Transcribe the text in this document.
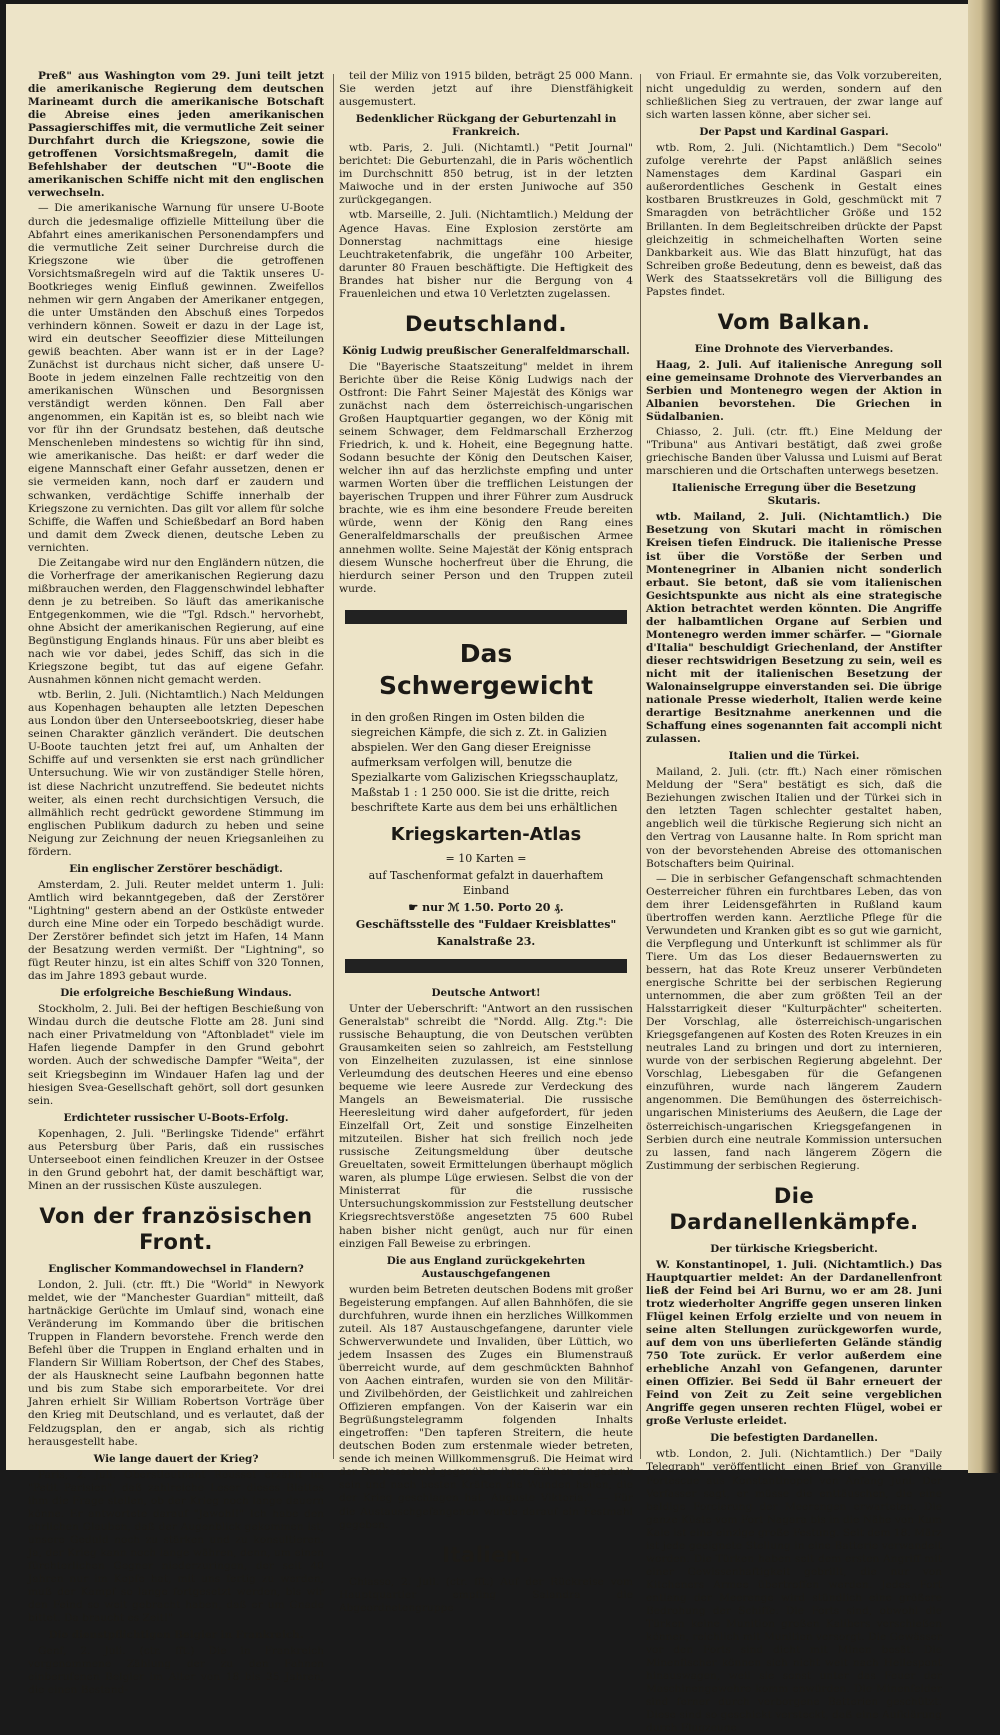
Preß" aus Washington vom 29. Juni teilt jetzt die amerikanische Regierung dem deutschen Marineamt durch die amerikanische Botschaft die Abreise eines jeden amerikanischen Passagierschiffes mit, die vermutliche Zeit seiner Durchfahrt durch die Kriegszone, sowie die getroffenen Vorsichtsmaßregeln, damit die Befehlshaber der deutschen "U"-Boote die amerikanischen Schiffe nicht mit den englischen verwechseln.

— Die amerikanische Warnung für unsere U-Boote durch die jedesmalige offizielle Mitteilung über die Abfahrt eines amerikanischen Personendampfers und die vermutliche Zeit seiner Durchreise durch die Kriegszone wie über die getroffenen Vorsichtsmaßregeln wird auf die Taktik unseres U-Bootkrieges wenig Einfluß gewinnen. Zweifellos nehmen wir gern Angaben der Amerikaner entgegen, die unter Umständen den Abschuß eines Torpedos verhindern können. Soweit er dazu in der Lage ist, wird ein deutscher Seeoffizier diese Mitteilungen gewiß beachten. Aber wann ist er in der Lage? Zunächst ist durchaus nicht sicher, daß unsere U-Boote in jedem einzelnen Falle rechtzeitig von den amerikanischen Wünschen und Besorgnissen verständigt werden können. Den Fall aber angenommen, ein Kapitän ist es, so bleibt nach wie vor für ihn der Grundsatz bestehen, daß deutsche Menschenleben mindestens so wichtig für ihn sind, wie amerikanische. Das heißt: er darf weder die eigene Mannschaft einer Gefahr aussetzen, denen er sie vermeiden kann, noch darf er zaudern und schwanken, verdächtige Schiffe innerhalb der Kriegszone zu vernichten. Das gilt vor allem für solche Schiffe, die Waffen und Schießbedarf an Bord haben und damit dem Zweck dienen, deutsche Leben zu vernichten.

Die Zeitangabe wird nur den Engländern nützen, die die Vorherfrage der amerikanischen Regierung dazu mißbrauchen werden, den Flaggenschwindel lebhafter denn je zu betreiben. So läuft das amerikanische Entgegenkommen, wie die "Tgl. Rdsch." hervorhebt, ohne Absicht der amerikanischen Regierung, auf eine Begünstigung Englands hinaus. Für uns aber bleibt es nach wie vor dabei, jedes Schiff, das sich in die Kriegszone begibt, tut das auf eigene Gefahr. Ausnahmen können nicht gemacht werden.

wtb. Berlin, 2. Juli. (Nichtamtlich.) Nach Meldungen aus Kopenhagen behaupten alle letzten Depeschen aus London über den Unterseebootskrieg, dieser habe seinen Charakter gänzlich verändert. Die deutschen U-Boote tauchten jetzt frei auf, um Anhalten der Schiffe auf und versenkten sie erst nach gründlicher Untersuchung. Wie wir von zuständiger Stelle hören, ist diese Nachricht unzutreffend. Sie bedeutet nichts weiter, als einen recht durchsichtigen Versuch, die allmählich recht gedrückt gewordene Stimmung im englischen Publikum dadurch zu heben und seine Neigung zur Zeichnung der neuen Kriegsanleihen zu fördern.

Ein englischer Zerstörer beschädigt.

Amsterdam, 2. Juli. Reuter meldet unterm 1. Juli: Amtlich wird bekanntgegeben, daß der Zerstörer "Lightning" gestern abend an der Ostküste entweder durch eine Mine oder ein Torpedo beschädigt wurde. Der Zerstörer befindet sich jetzt im Hafen, 14 Mann der Besatzung werden vermißt. Der "Lightning", so fügt Reuter hinzu, ist ein altes Schiff von 320 Tonnen, das im Jahre 1893 gebaut wurde.

Die erfolgreiche Beschießung Windaus.

Stockholm, 2. Juli. Bei der heftigen Beschießung von Windau durch die deutsche Flotte am 28. Juni sind nach einer Privatmeldung von "Aftonbladet" viele im Hafen liegende Dampfer in den Grund gebohrt worden. Auch der schwedische Dampfer "Weita", der seit Kriegsbeginn im Windauer Hafen lag und der hiesigen Svea-Gesellschaft gehört, soll dort gesunken sein.

Erdichteter russischer U-Boots-Erfolg.

Kopenhagen, 2. Juli. "Berlingske Tidende" erfährt aus Petersburg über Paris, daß ein russisches Unterseeboot einen feindlichen Kreuzer in der Ostsee in den Grund gebohrt hat, der damit beschäftigt war, Minen an der russischen Küste auszulegen.

Von der französischen Front.

Englischer Kommandowechsel in Flandern?

London, 2. Juli. (ctr. fft.) Die "World" in Newyork meldet, wie der "Manchester Guardian" mitteilt, daß hartnäckige Gerüchte im Umlauf sind, wonach eine Veränderung im Kommando über die britischen Truppen in Flandern bevorstehe. French werde den Befehl über die Truppen in England erhalten und in Flandern Sir William Robertson, der Chef des Stabes, der als Hausknecht seine Laufbahn begonnen hatte und bis zum Stabe sich emporarbeitete. Vor drei Jahren erhielt Sir William Robertson Vorträge über den Krieg mit Deutschland, und es verlautet, daß der Feldzugsplan, den er angab, sich als richtig herausgestellt habe.

Wie lange dauert der Krieg?

Paris, 2. Juli. Oberstleutnant Rousset erzählt im "Petit Parisien", daß zahlreiche Leser dieses Blattes ihm die Frage stellen, ob der Krieg noch lange dauern könne. Er antwortete darauf "Jawohl!" Ich habe den ehrlichen Glauben, daß der Augenblick gekommen ist, unsere Geduld noch zu stärken und zu konsultieren. Ja, der Krieg kann noch lange währen, denn, um einen fürchterlichen Gegner niederzuringen, der seit 40 Jahren nur im Kopfe hat, mit uns fertig zu werden, muß der Kampf so lange fortgesetzt werden, bis wir den Feind so weit gebracht haben, daß er um Gnade bittet. Da braucht es Zeit!"

Die dienstpflichtigen Belgier in Frankreich.

Genf, 2. Juli. (ctr. fft.) Die in Frankreich vorgenommene Zählung der zu den Fahnen einberufenen Belgier im Alter von 18 bis 35 Jahren, die einen Bestand-

teil der Miliz von 1915 bilden, beträgt 25 000 Mann. Sie werden jetzt auf ihre Dienstfähigkeit ausgemustert.

Bedenklicher Rückgang der Geburtenzahl in Frankreich.

wtb. Paris, 2. Juli. (Nichtamtl.) "Petit Journal" berichtet: Die Geburtenzahl, die in Paris wöchentlich im Durchschnitt 850 betrug, ist in der letzten Maiwoche und in der ersten Juniwoche auf 350 zurückgegangen.

wtb. Marseille, 2. Juli. (Nichtamtlich.) Meldung der Agence Havas. Eine Explosion zerstörte am Donnerstag nachmittags eine hiesige Leuchtraketenfabrik, die ungefähr 100 Arbeiter, darunter 80 Frauen beschäftigte. Die Heftigkeit des Brandes hat bisher nur die Bergung von 4 Frauenleichen und etwa 10 Verletzten zugelassen.

Deutschland.

König Ludwig preußischer Generalfeldmarschall.

Die "Bayerische Staatszeitung" meldet in ihrem Berichte über die Reise König Ludwigs nach der Ostfront: Die Fahrt Seiner Majestät des Königs war zunächst nach dem österreichisch-ungarischen Großen Hauptquartier gegangen, wo der König mit seinem Schwager, dem Feldmarschall Erzherzog Friedrich, k. und k. Hoheit, eine Begegnung hatte. Sodann besuchte der König den Deutschen Kaiser, welcher ihn auf das herzlichste empfing und unter warmen Worten über die trefflichen Leistungen der bayerischen Truppen und ihrer Führer zum Ausdruck brachte, wie es ihm eine besondere Freude bereiten würde, wenn der König den Rang eines Generalfeldmarschalls der preußischen Armee annehmen wollte. Seine Majestät der König entsprach diesem Wunsche hocherfreut über die Ehrung, die hierdurch seiner Person und den Truppen zuteil wurde.

Das Schwergewicht

in den großen Ringen im Osten bilden die siegreichen Kämpfe, die sich z. Zt. in Galizien abspielen. Wer den Gang dieser Ereignisse aufmerksam verfolgen will, benutze die Spezialkarte vom Galizischen Kriegsschauplatz, Maßstab 1 : 1 250 000. Sie ist die dritte, reich beschriftete Karte aus dem bei uns erhältlichen

Kriegskarten-Atlas
= 10 Karten =
auf Taschenformat gefalzt in dauerhaftem Einband
☛ nur ℳ 1.50. Porto 20 ₰.
Geschäftsstelle des "Fuldaer Kreisblattes"
Kanalstraße 23.

Deutsche Antwort!

Unter der Ueberschrift: "Antwort an den russischen Generalstab" schreibt die "Nordd. Allg. Ztg.": Die russische Behauptung, die von Deutschen verübten Grausamkeiten seien so zahlreich, am Feststellung von Einzelheiten zuzulassen, ist eine sinnlose Verleumdung des deutschen Heeres und eine ebenso bequeme wie leere Ausrede zur Verdeckung des Mangels an Beweismaterial. Die russische Heeresleitung wird daher aufgefordert, für jeden Einzelfall Ort, Zeit und sonstige Einzelheiten mitzuteilen. Bisher hat sich freilich noch jede russische Zeitungsmeldung über deutsche Greueltaten, soweit Ermittelungen überhaupt möglich waren, als plumpe Lüge erwiesen. Selbst die von der Ministerrat für die russische Untersuchungskommission zur Feststellung deutscher Kriegsrechtsverstöße angesetzten 75 600 Rubel haben bisher nicht genügt, auch nur für einen einzigen Fall Beweise zu erbringen.

Die aus England zurückgekehrten Austauschgefangenen

wurden beim Betreten deutschen Bodens mit großer Begeisterung empfangen. Auf allen Bahnhöfen, die sie durchfuhren, wurde ihnen ein herzliches Willkommen zuteil. Als 187 Austauschgefangene, darunter viele Schwerverwundete und Invaliden, über Lüttich, wo jedem Insassen des Zuges ein Blumenstrauß überreicht wurde, auf dem geschmückten Bahnhof von Aachen eintrafen, wurden sie von den Militär- und Zivilbehörden, der Geistlichkeit und zahlreichen Offizieren empfangen. Von der Kaiserin war ein Begrüßungstelegramm folgenden Inhalts eingetroffen: "Den tapferen Streitern, die heute deutschen Boden zum erstenmale wieder betreten, sende ich meinen Willkommensgruß. Die Heimat wird der Dankesschuld gegenüber ihren Söhnen eingedenk sein und nach besten Kräften die Wunden heilen, die der Krieg geschlagen hat. Auguste Viktoria." — Für die Austauschgefangenen wurde darauf ein Festmahl gegeben.

Italien.

Chiasso, 2. Juli. (ctr. fft.) Auf der Rückreise vom Hauptquartier empfing Salandra die Abgeordnetengruppe

von Friaul. Er ermahnte sie, das Volk vorzubereiten, nicht ungeduldig zu werden, sondern auf den schließlichen Sieg zu vertrauen, der zwar lange auf sich warten lassen könne, aber sicher sei.

Der Papst und Kardinal Gaspari.

wtb. Rom, 2. Juli. (Nichtamtlich.) Dem "Secolo" zufolge verehrte der Papst anläßlich seines Namenstages dem Kardinal Gaspari ein außerordentliches Geschenk in Gestalt eines kostbaren Brustkreuzes in Gold, geschmückt mit 7 Smaragden von beträchtlicher Größe und 152 Brillanten. In dem Begleitschreiben drückte der Papst gleichzeitig in schmeichelhaften Worten seine Dankbarkeit aus. Wie das Blatt hinzufügt, hat das Schreiben große Bedeutung, denn es beweist, daß das Werk des Staatssekretärs voll die Billigung des Papstes findet.

Vom Balkan.

Eine Drohnote des Vierverbandes.

Haag, 2. Juli. Auf italienische Anregung soll eine gemeinsame Drohnote des Vierverbandes an Serbien und Montenegro wegen der Aktion in Albanien bevorstehen. Die Griechen in Südalbanien.

Chiasso, 2. Juli. (ctr. fft.) Eine Meldung der "Tribuna" aus Antivari bestätigt, daß zwei große griechische Banden über Valussa und Luismi auf Berat marschieren und die Ortschaften unterwegs besetzen.

Italienische Erregung über die Besetzung Skutaris.

wtb. Mailand, 2. Juli. (Nichtamtlich.) Die Besetzung von Skutari macht in römischen Kreisen tiefen Eindruck. Die italienische Presse ist über die Vorstöße der Serben und Montenegriner in Albanien nicht sonderlich erbaut. Sie betont, daß sie vom italienischen Gesichtspunkte aus nicht als eine strategische Aktion betrachtet werden könnten. Die Angriffe der halbamtlichen Organe auf Serbien und Montenegro werden immer schärfer. — "Giornale d'Italia" beschuldigt Griechenland, der Anstifter dieser rechtswidrigen Besetzung zu sein, weil es nicht mit der italienischen Besetzung der Walonainselgruppe einverstanden sei. Die übrige nationale Presse wiederholt, Italien werde keine derartige Besitznahme anerkennen und die Schaffung eines sogenannten fait accompli nicht zulassen.

Italien und die Türkei.

Mailand, 2. Juli. (ctr. fft.) Nach einer römischen Meldung der "Sera" bestätigt es sich, daß die Beziehungen zwischen Italien und der Türkei sich in den letzten Tagen schlechter gestaltet haben, angeblich weil die türkische Regierung sich nicht an den Vertrag von Lausanne halte. In Rom spricht man von der bevorstehenden Abreise des ottomanischen Botschafters beim Quirinal.

— Die in serbischer Gefangenschaft schmachtenden Oesterreicher führen ein furchtbares Leben, das von dem ihrer Leidensgefährten in Rußland kaum übertroffen werden kann. Aerztliche Pflege für die Verwundeten und Kranken gibt es so gut wie garnicht, die Verpflegung und Unterkunft ist schlimmer als für Tiere. Um das Los dieser Bedauernswerten zu bessern, hat das Rote Kreuz unserer Verbündeten energische Schritte bei der serbischen Regierung unternommen, die aber zum größten Teil an der Halsstarrigkeit dieser "Kulturpächter" scheiterten. Der Vorschlag, alle österreichisch-ungarischen Kriegsgefangenen auf Kosten des Roten Kreuzes in ein neutrales Land zu bringen und dort zu internieren, wurde von der serbischen Regierung abgelehnt. Der Vorschlag, Liebesgaben für die Gefangenen einzuführen, wurde nach längerem Zaudern angenommen. Die Bemühungen des österreichisch-ungarischen Ministeriums des Aeußern, die Lage der österreichisch-ungarischen Kriegsgefangenen in Serbien durch eine neutrale Kommission untersuchen zu lassen, fand nach längerem Zögern die Zustimmung der serbischen Regierung.

Die Dardanellenkämpfe.

Der türkische Kriegsbericht.

W. Konstantinopel, 1. Juli. (Nichtamtlich.) Das Hauptquartier meldet: An der Dardanellenfront ließ der Feind bei Ari Burnu, wo er am 28. Juni trotz wiederholter Angriffe gegen unseren linken Flügel keinen Erfolg erzielte und von neuem in seine alten Stellungen zurückgeworfen wurde, auf dem von uns überlieferten Gelände ständig 750 Tote zurück. Er verlor außerdem eine erhebliche Anzahl von Gefangenen, darunter einen Offizier. Bei Sedd ül Bahr erneuert der Feind von Zeit zu Zeit seine vergeblichen Angriffe gegen unseren rechten Flügel, wobei er große Verluste erleidet.

Die befestigten Dardanellen.

wtb. London, 2. Juli. (Nichtamtlich.) Der "Daily Telegraph" veröffentlicht einen Brief von Granville Fortescue aus Konstantinopel von Anfang Juni. Der Verfasser sagt, er müsse die enttäuschen, die eine baldige Forcierung der Meerengen erwarteten. Die ganze Küste vom Fort Nagara bis in die Nähe von Kum Kale ist eine einzige große Festung. Seit dem 18. März ist jede geeignete Stellung in eine Batterie verwandelt worden. Die Türken haben seit dem ersten Angriff mit einer Gewissenhaftigkeit gebrillt, die nur von Kitcheners Armee übertroffen werden. Jedes Fort entlang der Meerenge wird stündlich eine größere Bedrohung der Schiffe. Die Forts sind, obwohl die Türken keine Munition großen Kalibers verschießen können, reichlich mit Munition versorgt. Die Gewässer vor den Forts sind dicht mit Minen besät. Die Minenfischer können sich nicht weit nach Hellespont hinauswagen, weil sie sonst unter das Feuer der Maschinengewehre komm enwürden. Die Minenfelder sind ferner durch verborgene Batterien geschützt. Diese sind so geschickt versteckt, daß eine Aufklärung durch Flugzeuge
